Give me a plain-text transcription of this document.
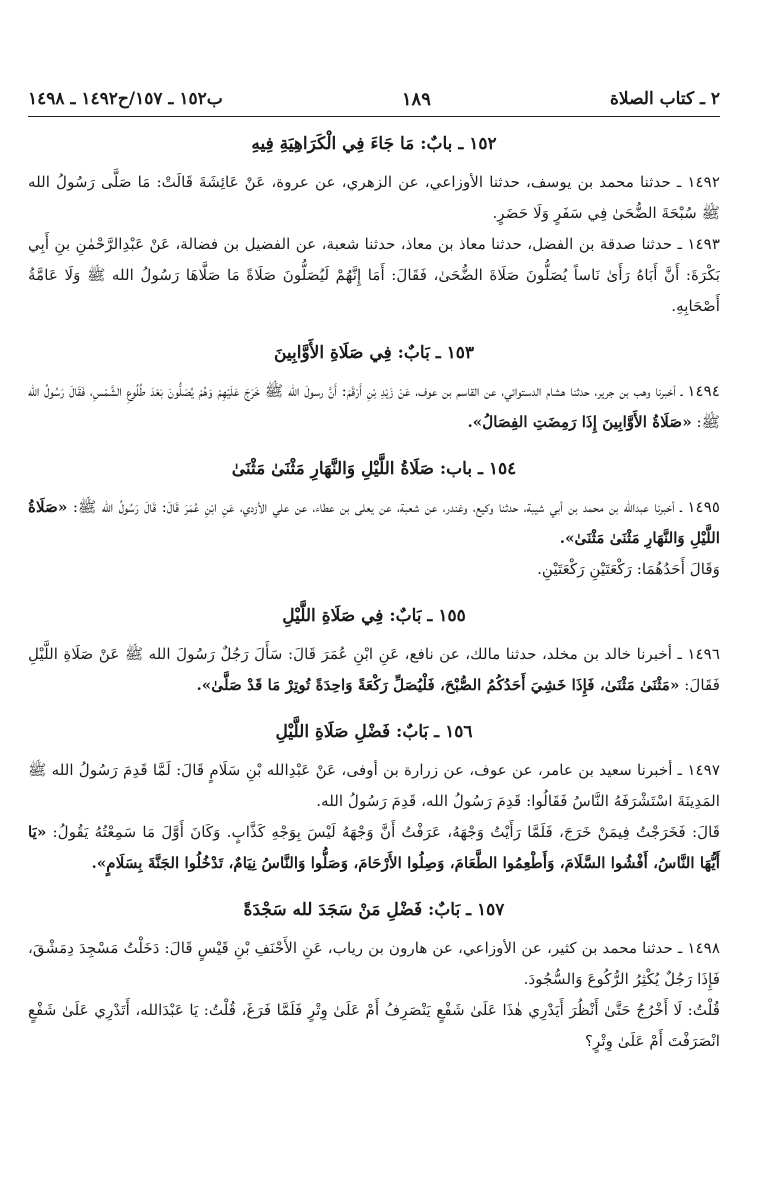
٢ ـ كتاب الصلاة
١٨٩
ب١٥٢ ـ ١٥٧/ح١٤٩٢ ـ ١٤٩٨
١٥٢ ـ بابٌ: مَا جَاءَ فِي الْكَرَاهِيَةِ فِيهِ

١٤٩٢ ـ حدثنا محمد بن يوسف، حدثنا الأوزاعي، عن الزهري، عن عروة، عَنْ عَائِشَةَ قَالَتْ: مَا صَلَّى رَسُولُ الله ﷺ سُبْحَةَ الضُّحَىٰ فِي سَفَرٍ وَلَا حَضَرٍ.

١٤٩٣ ـ حدثنا صدقة بن الفضل، حدثنا معاذ بن معاذ، حدثنا شعبة، عن الفضيل بن فضالة، عَنْ عَبْدِالرَّحْمٰنِ بنِ أَبِي بَكْرَةَ: أَنَّ أَبَاهُ رَأَىٰ نَاساً يُصَلُّونَ صَلَاةَ الضُّحَىٰ، فَقَالَ: أَمَا إِنَّهُمْ لَيُصَلُّونَ صَلَاةً مَا صَلَّاهَا رَسُولُ الله ﷺ وَلَا عَامَّةُ أَصْحَابِهِ.

١٥٣ ـ بَابٌ: فِي صَلَاةِ الأَوَّابِينَ

١٤٩٤ ـ أخبرنا وهب بن جرير، حدثنا هشام الدستوائي، عن القاسم بن عوف، عَنْ زَيْدِ بْنِ أَرْقَمَ: أَنَّ رسولَ الله ﷺ خَرَجَ عَلَيْهِمْ وَهُمْ يُصَلُّونَ بَعْدَ طُلُوعِ الشَّمْسِ، فَقَالَ رَسُولُ الله ﷺ: «صَلَاةُ الأَوَّابِينَ إِذَا رَمِضَتِ الفِصَالُ».

١٥٤ ـ باب: صَلَاةُ اللَّيْلِ وَالنَّهَارِ مَثْنَىٰ مَثْنَىٰ

١٤٩٥ ـ أخبرنا عبدالله بن محمد بن أبي شيبة، حدثنا وكيع، وغندر، عن شعبة، عن يعلى بن عطاء، عن علي الأزدي، عَنِ ابْنِ عُمَرَ قَالَ: قَالَ رَسُولُ الله ﷺ: «صَلَاةُ اللَّيْلِ وَالنَّهَارِ مَثْنَىٰ مَثْنَىٰ».

وَقَالَ أَحَدُهُمَا: رَكْعَتَيْنِ رَكْعَتَيْنِ.

١٥٥ ـ بَابٌ: فِي صَلَاةِ اللَّيْلِ

١٤٩٦ ـ أخبرنا خالد بن مخلد، حدثنا مالك، عن نافع، عَنِ ابْنِ عُمَرَ قَالَ: سَأَلَ رَجُلٌ رَسُولَ الله ﷺ عَنْ صَلَاةِ اللَّيْلِ فَقَالَ: «مَثْنَىٰ مَثْنَىٰ، فَإِذَا خَشِيَ أَحَدُكُمُ الصُّبْحَ، فَلْيُصَلِّ رَكْعَةً وَاحِدَةً تُوتِرْ مَا قَدْ صَلَّىٰ».

١٥٦ ـ بَابٌ: فَضْلِ صَلَاةِ اللَّيْلِ

١٤٩٧ ـ أخبرنا سعيد بن عامر، عن عوف، عن زرارة بن أوفى، عَنْ عَبْدِالله بْنِ سَلَامٍ قَالَ: لَمَّا قَدِمَ رَسُولُ الله ﷺ المَدِينَةَ اسْتَشْرَفَهُ النَّاسُ فَقَالُوا: قَدِمَ رَسُولُ الله، قَدِمَ رَسُولُ الله.

قَالَ: فَخَرَجْتُ فِيمَنْ خَرَجَ، فَلَمَّا رَأَيْتُ وَجْهَهُ، عَرَفْتُ أَنَّ وَجْهَهُ لَيْسَ بِوَجْهِ كَذَّابٍ. وَكَانَ أَوَّلَ مَا سَمِعْتُهُ يَقُولُ: «يَا أَيُّهَا النَّاسُ، أَفْشُوا السَّلَامَ، وَأَطْعِمُوا الطَّعَامَ، وَصِلُوا الأَرْحَامَ، وَصَلُّوا وَالنَّاسُ نِيَامٌ، تَدْخُلُوا الجَنَّةَ بِسَلَامٍ».

١٥٧ ـ بَابٌ: فَضْلِ مَنْ سَجَدَ لله سَجْدَةً

١٤٩٨ ـ حدثنا محمد بن كثير، عن الأوزاعي، عن هارون بن رياب، عَنِ الأَحْنَفِ بْنِ قَيْسٍ قَالَ: دَخَلْتُ مَسْجِدَ دِمَشْقَ، فَإِذَا رَجُلٌ يُكْثِرُ الرُّكُوعَ وَالسُّجُودَ.

قُلْتُ: لَا أَخْرُجُ حَتَّىٰ أَنْظُرَ أَيَدْرِي هٰذَا عَلَىٰ شَفْعٍ يَنْصَرِفُ أَمْ عَلَىٰ وِتْرٍ فَلَمَّا فَرَغَ، قُلْتُ: يَا عَبْدَالله، أَتَدْرِي عَلَىٰ شَفْعٍ انْصَرَفْتَ أَمْ عَلَىٰ وِتْرٍ؟
